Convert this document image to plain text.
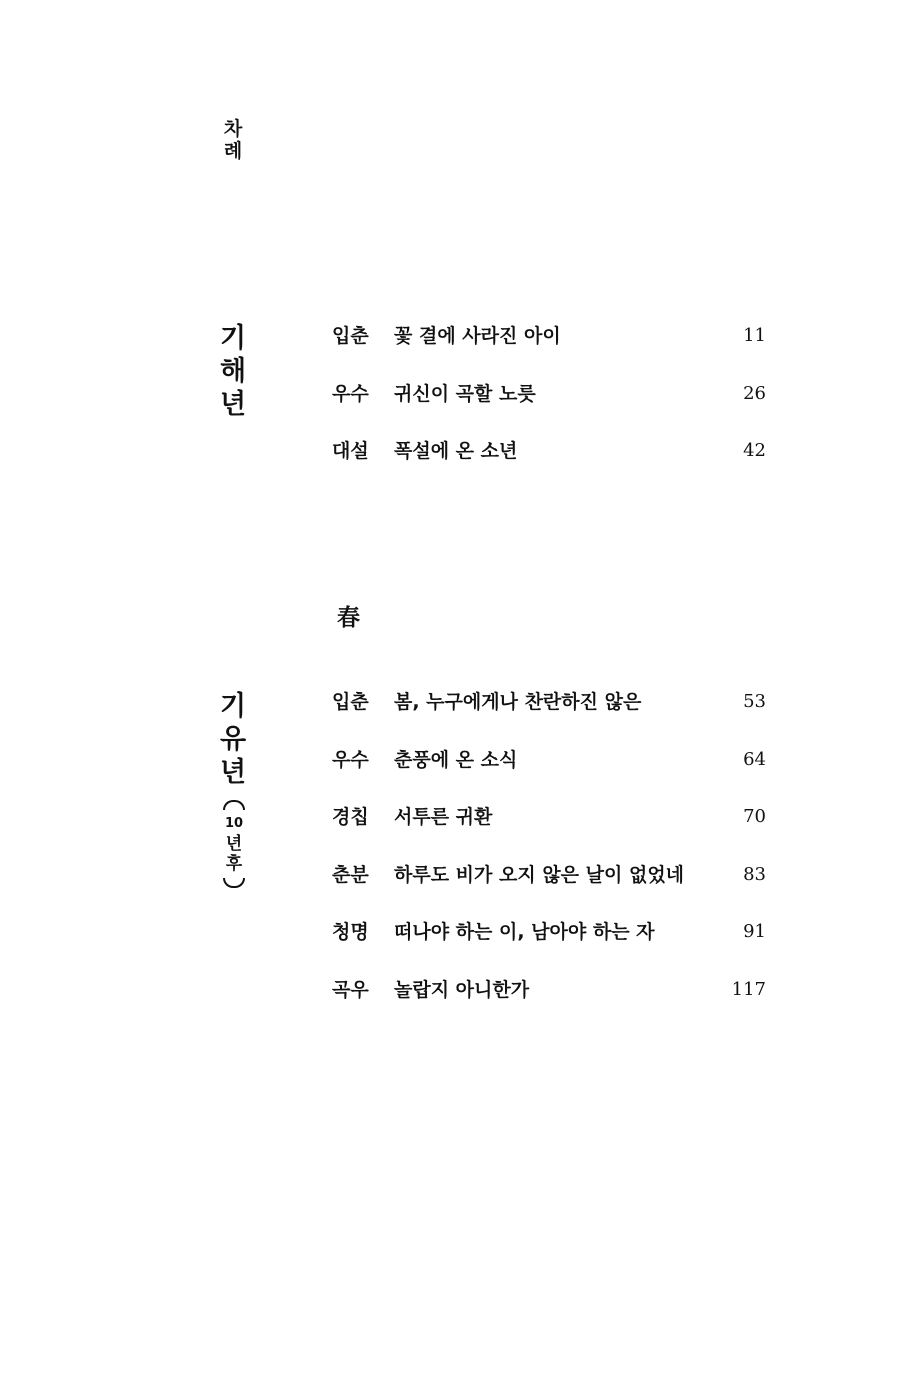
차
례
기
해
년
입춘	꽃 결에 사라진 아이	11
우수	귀신이 곡할 노릇	26
대설	폭설에 온 소년	42
春
기
유
년
10
년
후
입춘	봄, 누구에게나 찬란하진 않은	53
우수	춘풍에 온 소식	64
경칩	서투른 귀환	70
춘분	하루도 비가 오지 않은 날이 없었네	83
청명	떠나야 하는 이, 남아야 하는 자	91
곡우	놀랍지 아니한가	117
